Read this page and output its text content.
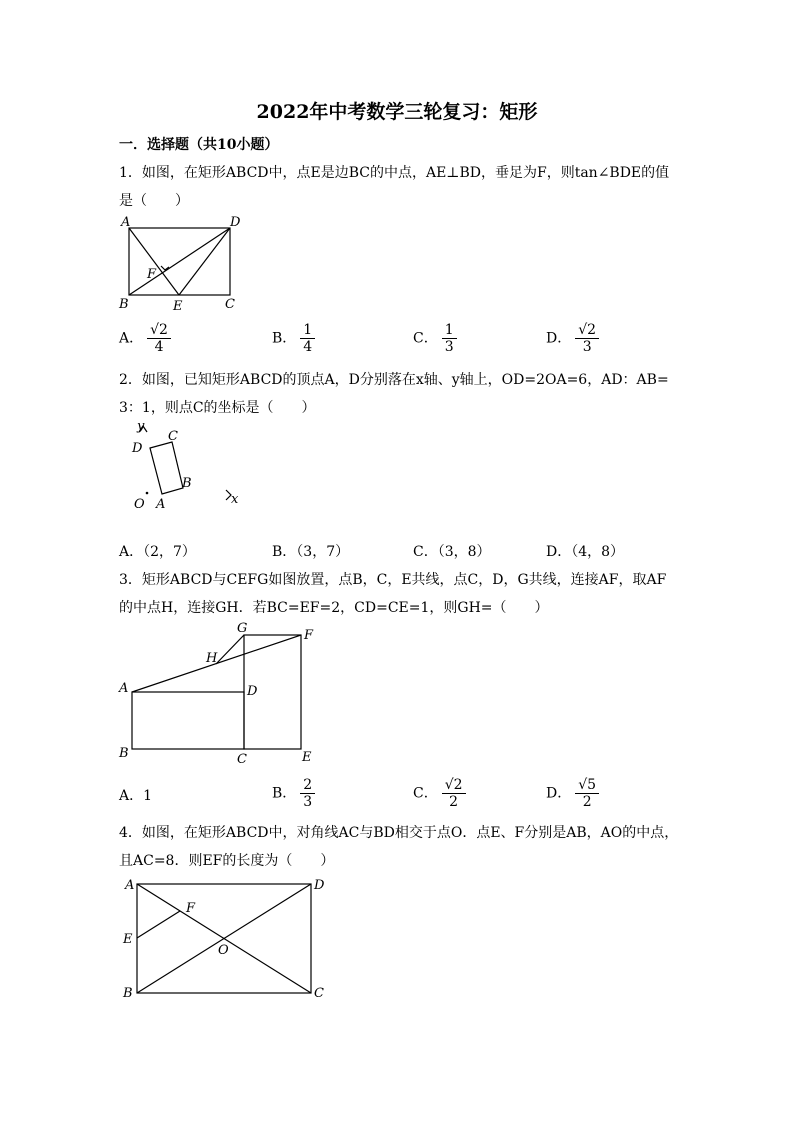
2022年中考数学三轮复习：矩形
一．选择题（共10小题）
1．如图，在矩形ABCD中，点E是边BC的中点，AE⊥BD，垂足为F，则tan∠BDE的值
是（　　）
A	D
F
B	E	C
A． $\frac{√2}{4}$	B． $\frac{1}{4}$	C． $\frac{1}{3}$	D． $\frac{√2}{3}$
2．如图，已知矩形ABCD的顶点A，D分别落在x轴、y轴上，OD=2OA=6，AD：AB=
3：1，则点C的坐标是（　　）
y
D
C
B
O A	x
A．（2，7）	B．（3，7）	C．（3，8）	D．（4，8）
3．矩形ABCD与CEFG如图放置，点B，C，E共线，点C，D，G共线，连接AF，取AF
的中点H，连接GH．若BC=EF=2，CD=CE=1，则GH=（　　）
G	F
H
A	D
B	C	E
A．1	B． $\frac{2}{3}$	C． $\frac{√2}{2}$	D． $\frac{√5}{2}$
4．如图，在矩形ABCD中，对角线AC与BD相交于点O．点E、F分别是AB，AO的中点，
且AC=8．则EF的长度为（　　）
A	D
F
E
O
B	C
